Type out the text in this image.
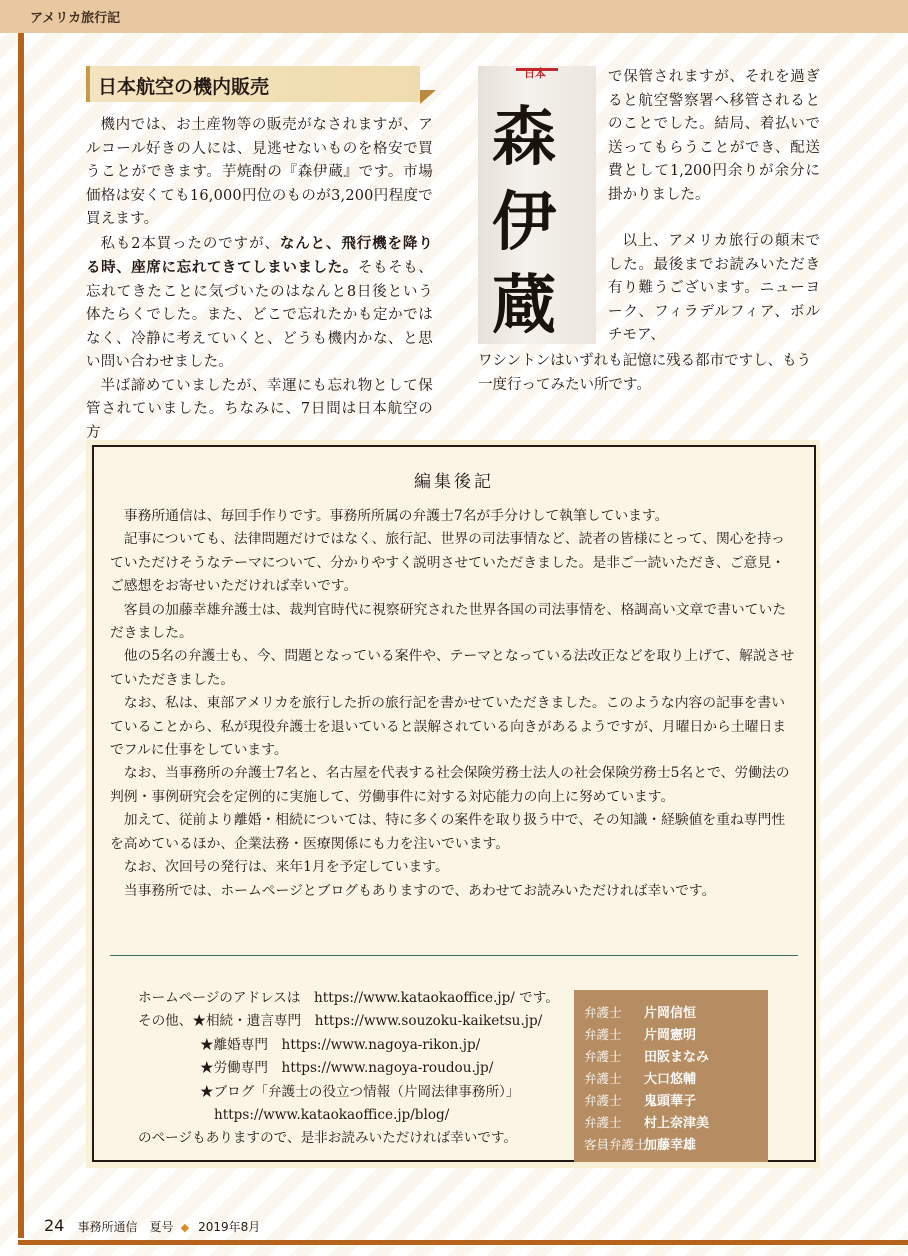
アメリカ旅行記
日本航空の機内販売

機内では、お土産物等の販売がなされますが、アルコール好きの人には、見逃せないものを格安で買うことができます。芋焼酎の『森伊蔵』です。市場価格は安くても16,000円位のものが3,200円程度で買えます。

私も2本買ったのですが、なんと、飛行機を降りる時、座席に忘れてきてしまいました。そもそも、忘れてきたことに気づいたのはなんと8日後という体たらくでした。また、どこで忘れたかも定かではなく、冷静に考えていくと、どうも機内かな、と思い問い合わせました。

半ば諦めていましたが、幸運にも忘れ物として保管されていました。ちなみに、7日間は日本航空の方

日本
森
伊
蔵

で保管されますが、それを過ぎると航空警察署へ移管されるとのことでした。結局、着払いで送ってもらうことができ、配送費として1,200円余りが余分に掛かりました。

以上、アメリカ旅行の顛末でした。最後までお読みいただき有り難うございます。ニューヨーク、フィラデルフィア、ボルチモア、

ワシントンはいずれも記憶に残る都市ですし、もう一度行ってみたい所です。
編集後記

事務所通信は、毎回手作りです。事務所所属の弁護士7名が手分けして執筆しています。

記事についても、法律問題だけではなく、旅行記、世界の司法事情など、読者の皆様にとって、関心を持っていただけそうなテーマについて、分かりやすく説明させていただきました。是非ご一読いただき、ご意見・ご感想をお寄せいただければ幸いです。

客員の加藤幸雄弁護士は、裁判官時代に視察研究された世界各国の司法事情を、格調高い文章で書いていただきました。

他の5名の弁護士も、今、問題となっている案件や、テーマとなっている法改正などを取り上げて、解説させていただきました。

なお、私は、東部アメリカを旅行した折の旅行記を書かせていただきました。このような内容の記事を書いていることから、私が現役弁護士を退いていると誤解されている向きがあるようですが、月曜日から土曜日までフルに仕事をしています。

なお、当事務所の弁護士7名と、名古屋を代表する社会保険労務士法人の社会保険労務士5名とで、労働法の判例・事例研究会を定例的に実施して、労働事件に対する対応能力の向上に努めています。

加えて、従前より離婚・相続については、特に多くの案件を取り扱う中で、その知識・経験値を重ね専門性を高めているほか、企業法務・医療関係にも力を注いでいます。

なお、次回号の発行は、来年1月を予定しています。

当事務所では、ホームページとブログもありますので、あわせてお読みいただければ幸いです。

ホームページのアドレスは　https://www.kataokaoffice.jp/ です。
その他、★相続・遺言専門　https://www.souzoku-kaiketsu.jp/
★離婚専門　https://www.nagoya-rikon.jp/
★労働専門　https://www.nagoya-roudou.jp/
★ブログ「弁護士の役立つ情報（片岡法律事務所）」
https://www.kataokaoffice.jp/blog/
のページもありますので、是非お読みいただければ幸いです。
弁護士 片岡信恒
弁護士 片岡憲明
弁護士 田阪まなみ
弁護士 大口悠輔
弁護士 鬼頭華子
弁護士 村上奈津美
客員弁護士加藤幸雄
24 事務所通信　夏号 ◆ 2019年8月
